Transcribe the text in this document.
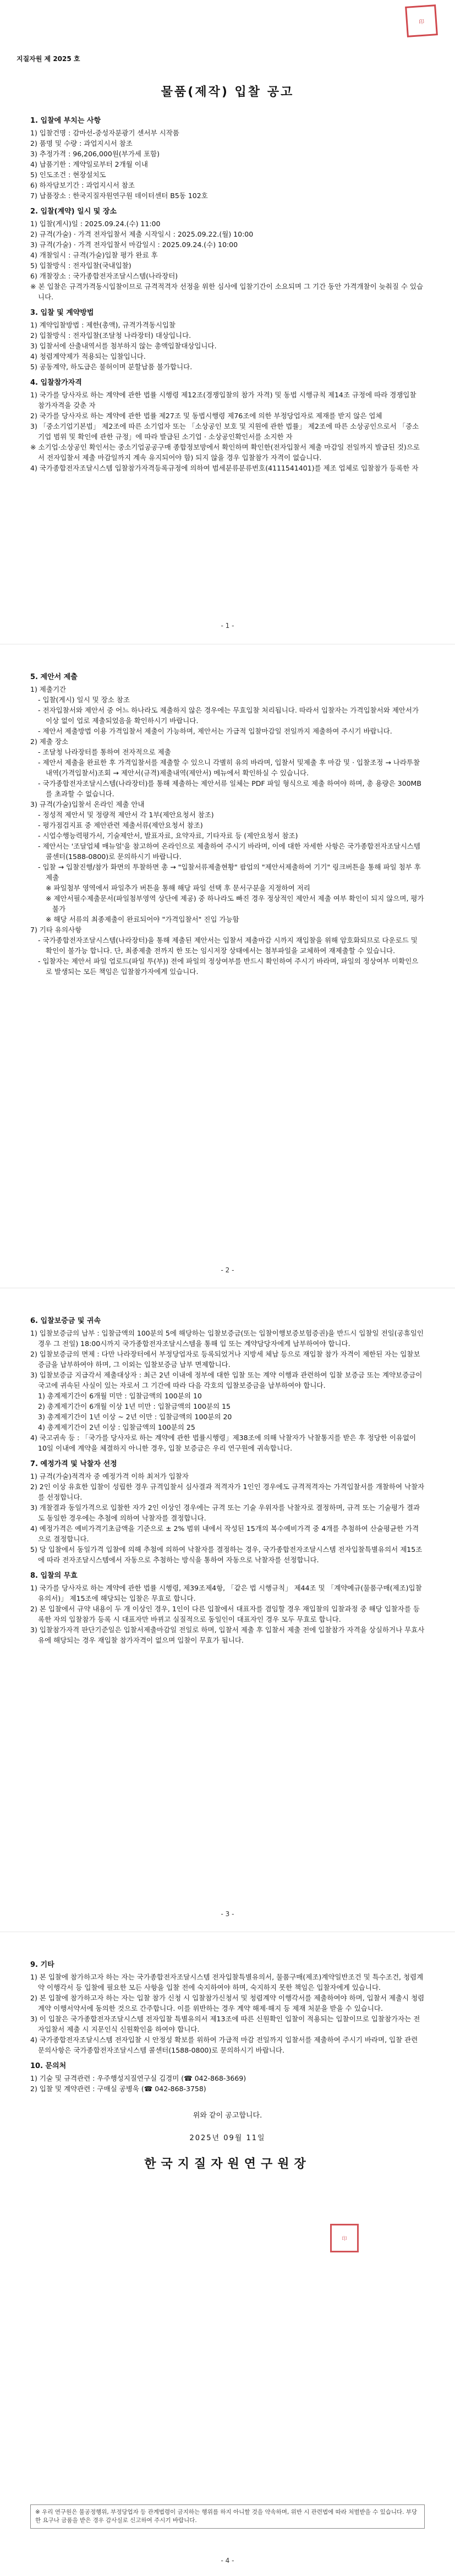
印
지질자원 제 2025 호
물품(제작) 입찰 공고
1. 입찰에 부치는 사항

1) 입찰건명 : 감마선-중성자분광기 센서부 시작품

2) 품명 및 수량 : 과업지시서 참조

3) 추정가격 : 96,206,000원(부가세 포함)

4) 납품기한 : 계약일로부터 2개월 이내

5) 인도조건 : 현장설치도

6) 하자담보기간 : 과업지시서 참조

7) 납품장소 : 한국지질자원연구원 데이터센터 B5동 102호

2. 입찰(계약) 일시 및 장소

1) 입찰(게시)일 : 2025.09.24.(수) 11:00

2) 규격(가술) · 가격 전자입찰서 제출 시작일시 : 2025.09.22.(월) 10:00

3) 규격(가술) · 가격 전자입찰서 마감일시 : 2025.09.24.(수) 10:00

4) 개찰일시 : 규격(가술)입찰 평가 완료 후

5) 입찰방식 : 전자입찰(국내입찰)

6) 개찰장소 : 국가종합전자조달시스템(나라장터)

※ 본 입찰은 규격가격동시입찰이므로 규격적격자 선정을 위한 심사에 입찰기간이 소요되며 그 기간 동안 가격개찰이 늦춰질 수 있습니다.

3. 입찰 및 계약방법

1) 계약입찰방법 : 제한(총액), 규격가격동시입찰

2) 입찰방식 : 전자입찰(조달청 나라장터) 대상입니다.

3) 입찰서에 산출내역서를 첨부하지 않는 총액입찰대상입니다.

4) 청렴계약제가 적용되는 입찰입니다.

5) 공동계약, 하도급은 불허이며 분할납품 불가합니다.

4. 입찰참가자격

1) 국가를 당사자로 하는 계약에 관한 법률 시행령 제12조(경쟁입찰의 참가 자격) 및 동법 시행규칙 제14조 규정에 따라 경쟁입찰 참가자격을 갖춘 자

2) 국가를 당사자로 하는 계약에 관한 법률 제27조 및 동법시행령 제76조에 의한 부정당업자로 제재를 받지 않은 업체

3) 「중소기업기본법」 제2조에 따른 소기업자 또는 「소상공인 보호 및 지원에 관한 법률」 제2조에 따른 소상공인으로서 「중소기업 범위 및 확인에 관한 규정」에 따라 발급된 소기업 · 소상공인확인서를 소지한 자

※ 소기업·소상공인 확인서는 중소기업공공구매 종합정보망에서 확인하며 확인한(전자입찰서 제출 마감일 전일까지 발급된 것)으로서 전자입찰서 제출 마감일까지 계속 유지되어야 함) 되지 않을 경우 입찰참가 자격이 없습니다.

4) 국가종합전자조달시스템 입찰참가자격등록규정에 의하여 범세분류분류번호(4111541401)를 제조 업체로 입찰참가 등록한 자

- 1 -
5. 제안서 제출

1) 제출기간

- 입찰(게시) 일시 및 장소 참조

- 전자입찰서와 제안서 중 어느 하나라도 제출하지 않은 경우에는 무효입찰 처리됩니다. 따라서 입찰자는 가격입찰서와 제안서가 이상 없이 업로 제출되었음을 확인하시기 바랍니다.

- 제안서 제출방법 이용 가격입찰서 제출이 가능하며, 제안서는 가급적 입찰마감일 전일까지 제출하여 주시기 바랍니다.

2) 제출 장소

- 조달청 나라장터를 통하여 전자적으로 제출

- 제안서 제출을 완료한 후 가격입찰서를 제출할 수 있으니 각별히 유의 바라며, 입찰서 및제출 후 마감 및 · 입찰조정 → 나라투찰내역(가격입찰서)조회 → 제안서(규격)제출내역(제안서) 메뉴에서 확인하실 수 있습니다.

- 국가종합전자조달시스템(나라장터)를 통해 제출하는 제안서류 일체는 PDF 파일 형식으로 제출 하여야 하며, 총 용량은 300MB를 초과할 수 없습니다.

3) 규격(가술)입찰서 온라인 제출 안내

- 정성적 제안서 및 정량적 제안서 각 1부(제안요청서 참조)

- 평가점검지표 중 제안관련 제출서류(제안요청서 참조)

- 시업수행능력평가서, 기술제안서, 발표자료, 요약자료, 기타자료 등 (제안요청서 참조)

- 제안서는 '조달업체 매뉴얼'을 참고하여 온라인으로 제출하여 주시기 바라며, 이에 대한 자세한 사항은 국가종합전자조달시스템 콜센터(1588-0800)로 문의하시기 바랍니다.

- 입찰 → 입찰진행/참가 화면의 투찰하면 총 → "입찰서류제출현황" 팝업의 "제안서제출하여 기기" 링크버튼을 통해 파일 첨부 후 제출

※ 파일첨부 영역에서 파일추가 버튼을 통해 해당 파일 선택 후 문서구분을 지정하여 저리

※ 제안서필수제출문서(파일첨부영역 상단에 제공) 중 하나라도 빠진 경우 정상적인 제안서 제출 여부 확인이 되지 않으며, 평가 불가

※ 해당 서류의 최종제출이 완료되어야 "가격입찰서" 진입 가능함

7) 기타 유의사항

- 국가종합전자조달시스템(나라장터)을 통해 제출된 제안서는 입찰서 제출마감 시까지 재입찰을 위해 암호화되므로 다운로드 및 확인이 불가능 합니다. 단, 최종제출 전까지 한 또는 임시저장 상태에서는 첨부파일을 교체하여 재제출할 수 있습니다.

- 입찰자는 제안서 파일 업로드(파일 투(부)) 전에 파일의 정상여부를 반드시 확인하여 주시기 바라며, 파일의 정상여부 미확인으로 발생되는 모든 책임은 입찰참가자에게 있습니다.

- 2 -
6. 입찰보증금 및 귀속

1) 입찰보증금의 납부 : 입찰금액의 100분의 5에 해당하는 입찰보증금(또는 입찰이행보증보험증권)을 반드시 입찰일 전일(공휴일인 경우 그 전일) 18:00시까지 국가종합전자조달시스템을 통해 입 또는 계약담당자에게 납부하여야 합니다.

2) 입찰보증금의 면제 : 다만 나라장터에서 부정당업자로 등록되었거나 지방세 체납 등으로 재입찰 참가 자격이 제한된 자는 입찰보증금을 납부하여야 하며, 그 이외는 입찰보증금 납부 면제합니다.

3) 입찰보증금 지급각서 제출대상자 : 최근 2년 이내에 정부에 대한 입찰 또는 계약 이행과 관련하여 입찰 보증금 또는 계약보증금이 국고에 귀속된 사실이 있는 자로서 그 기간에 따라 다음 각호의 입찰보증금을 납부하여야 합니다.

1) 총계제기간이 6개월 미만 : 입찰금액의 100분의 10

2) 총계제기간이 6개월 이상 1년 미만 : 입찰금액의 100분의 15

3) 총계제기간이 1년 이상 ~ 2년 이만 : 입찰금액의 100분의 20

4) 총계제기간이 2년 이상 : 입찰금액의 100분의 25

4) 국고귀속 등 : 「국가를 당사자로 하는 계약에 관한 법률시행령」제38조에 의해 낙찰자가 낙찰통지를 받은 후 정당한 이유없이 10일 이내에 계약을 체결하지 아니한 경우, 입찰 보증금은 우리 연구원에 귀속합니다.

7. 예정가격 및 낙찰자 선정

1) 규격(가술)적격자 중 예정가격 이하 최저가 입찰자

2) 2인 이상 유효한 입찰이 성립한 경우 규격입찰서 심사결과 적격자가 1인인 경우에도 규격적격자는 가격입찰서를 개찰하여 낙찰자를 선정합니다.

3) 개찰결과 동일가격으로 입찰한 자가 2인 이상인 경우에는 규격 또는 기술 우위자를 낙찰자로 결정하며, 규격 또는 기술평가 결과도 동일한 경우에는 추첨에 의하여 낙찰자를 결정합니다.

4) 예정가격은 예비가격기초금액을 기준으로 ± 2% 범위 내에서 작성된 15개의 복수예비가격 중 4개를 추첨하여 산술평균한 가격으로 결정합니다.

5) 당 입찰에서 동일가격 입찰에 의해 추첨에 의하여 낙찰자를 결정하는 경우, 국가종합전자조달시스템 전자입찰특별유의서 제15조에 따라 전자조달시스템에서 자동으로 추첨하는 방식을 통하여 자동으로 낙찰자를 선정합니다.

8. 입찰의 무효

1) 국가를 당사자로 하는 계약에 관한 법률 시행령, 제39조제4항, 「같은 법 시행규칙」 제44조 및 「계약예규(물품구매(제조)입찰유의서)」 제15조에 해당되는 입찰은 무효로 합니다.

2) 본 입찰에서 규약 내용이 두 개 이상인 경우, 1인이 다른 입찰에서 대표자를 겸임할 경우 재입찰의 입찰과정 중 해당 입찰자를 등록한 자의 입찰참가 등록 시 대표자만 바뀌고 실질적으로 동일인이 대표자인 경우 모두 무효로 합니다.

3) 입찰참가자격 판단기준일은 입찰서제출마감일 전일로 하며, 입찰서 제출 후 입찰서 제출 전에 입찰참가 자격을 상실하거나 무효사유에 해당되는 경우 재입찰 참가자격이 없으며 입찰이 무효가 됩니다.

- 3 -
9. 기타

1) 본 입찰에 참가하고자 하는 자는 국가종합전자조달시스템 전자입찰특별유의서, 물품구매(제조)계약일반조건 및 특수조건, 청렴계약 이행각서 등 입찰에 필요한 모든 사항을 입찰 전에 숙지하여야 하며, 숙지하지 못한 책임은 입찰자에게 있습니다.

2) 본 입찰에 참가하고자 하는 자는 입찰 참가 신청 시 입찰참가신청서 및 청렴계약 이행각서를 제출하여야 하며, 입찰서 제출시 청렴계약 이행서약서에 동의한 것으로 간주합니다. 이를 위반하는 경우 계약 해제·해지 등 제재 처분을 받을 수 있습니다.

3) 이 입찰은 국가종합전자조달시스템 전자입찰 특별유의서 제13조에 따른 신원확인 입찰이 적용되는 입찰이므로 입찰참가자는 전자입찰서 제출 시 지문인식 신원확인을 하여야 합니다.

4) 국가종합전자조달시스템 전자입찰 시 안정성 확보를 위하여 가급적 마감 전일까지 입찰서를 제출하여 주시기 바라며, 입찰 관련 문의사항은 국가종합전자조달시스템 콜센터(1588-0800)로 문의하시기 바랍니다.

10. 문의처

1) 기술 및 규격관련 : 우주행성지질연구실 김경미 (☎ 042-868-3669)

2) 입찰 및 계약관련 : 구매실 공병욱 (☎ 042-868-3758)

위와 같이 공고합니다.
2025년 09월 11일
한국지질자원연구원장
印
※ 우리 연구원은 불공정행위, 부정당업자 등 관계법령이 금지하는 행위를 하지 아니할 것을 약속하며, 위반 시 관련법에 따라 처벌받을 수 있습니다. 부당한 요구나 금품을 받은 경우 감사실로 신고하여 주시기 바랍니다.
- 4 -
